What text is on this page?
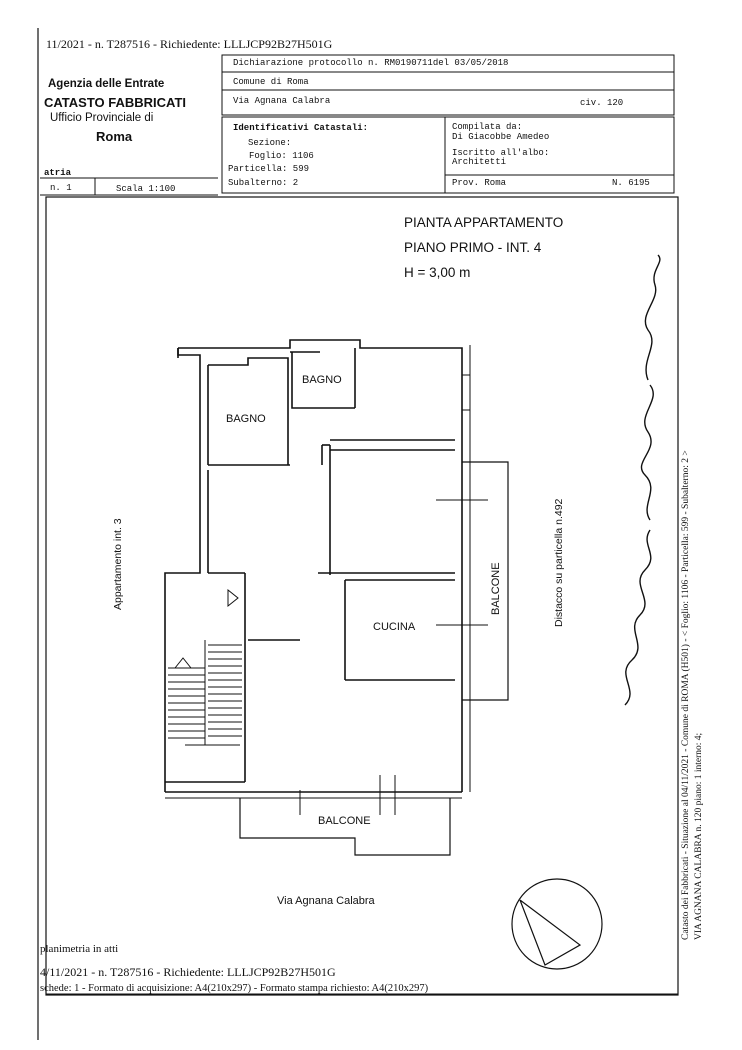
11/2021 - n. T287516 - Richiedente: LLLJCP92B27H501G
Agenzia delle Entrate
CATASTO FABBRICATI
Ufficio Provinciale di
Roma
Dichiarazione protocollo n. RM0190711del 03/05/2018
Comune di Roma
Via Agnana Calabra	civ. 120
Identificativi Catastali:
Sezione:
Foglio: 1106
Particella: 599
Subalterno: 2
Compilata da:
Di Giacobbe Amedeo
Iscritto all'albo:
Architetti
Prov. Roma	N. 6195
atria
n. 1	Scala 1:100
PIANTA APPARTAMENTO
PIANO PRIMO - INT. 4
H = 3,00 m
BAGNO
BAGNO
CUCINA
BALCONE
Via Agnana Calabra
BALCONE
Appartamento int. 3	Distacco su particella n.492	Catasto dei Fabbricati - Situazione al 04/11/2021 - Comune di ROMA (H501) - < Foglio: 1106 - Particella: 599 - Subalterno: 2 > VIA AGNANA CALABRA n. 120 piano: 1 interno: 4;
planimetria in atti
4/11/2021 - n. T287516 - Richiedente: LLLJCP92B27H501G
schede: 1 - Formato di acquisizione: A4(210x297) - Formato stampa richiesto: A4(210x297)
